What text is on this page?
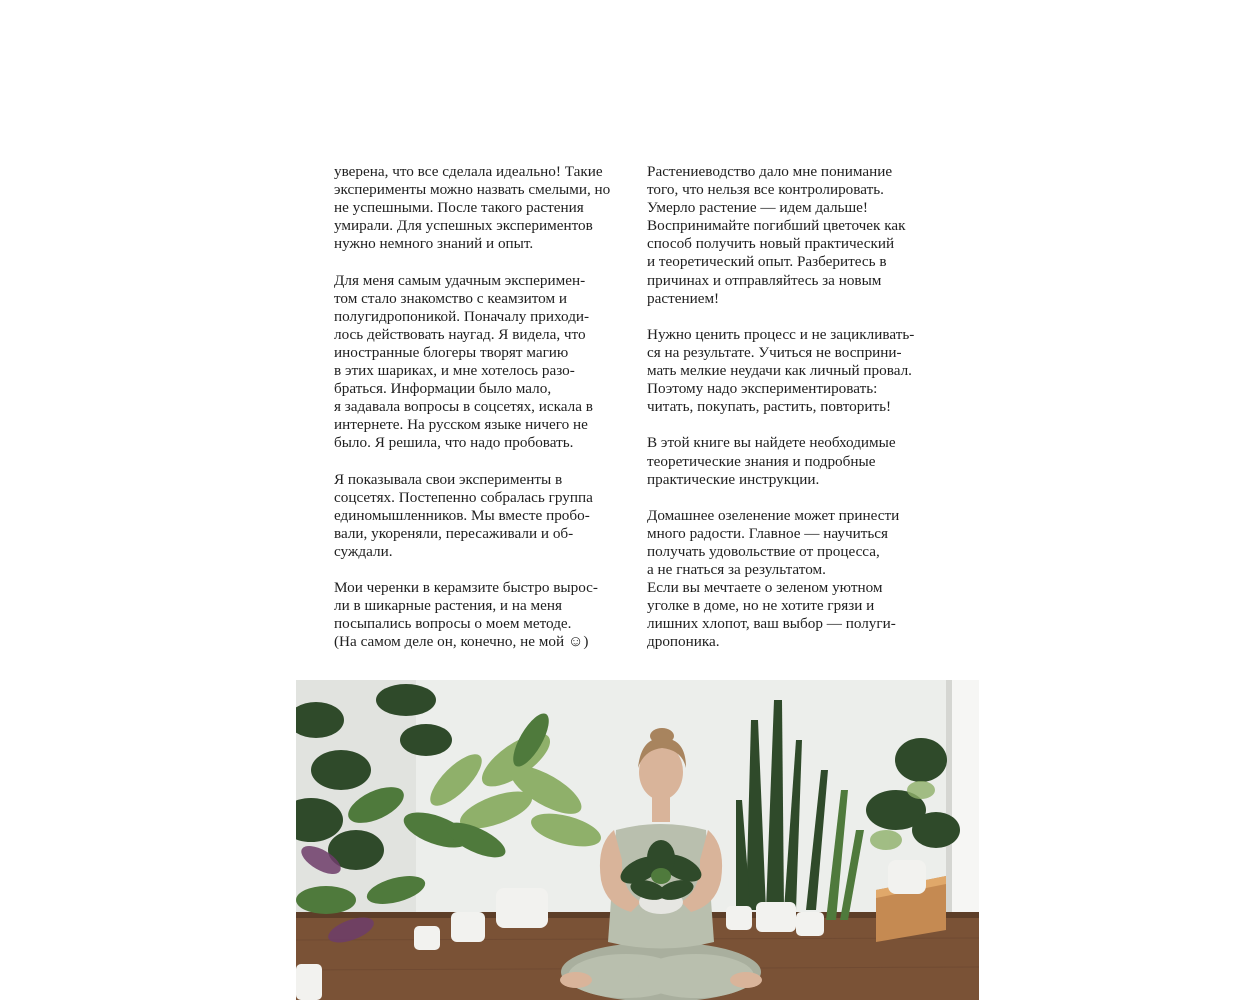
уверена, что все сделала идеально! Такие
эксперименты можно назвать смелыми, но
не успешными. После такого растения
умирали. Для успешных экспериментов
нужно немного знаний и опыт.

Для меня самым удачным эксперимен-
том стало знакомство с кеамзитом и
полугидропоникой. Поначалу приходи-
лось действовать наугад. Я видела, что
иностранные блогеры творят магию
в этих шариках, и мне хотелось разо-
браться. Информации было мало,
я задавала вопросы в соцсетях, искала в
интернете. На русском языке ничего не
было. Я решила, что надо пробовать.

Я показывала свои эксперименты в
соцсетях. Постепенно собралась группа
единомышленников. Мы вместе пробо-
вали, укореняли, пересаживали и об-
суждали.

Мои черенки в керамзите быстро вырос-
ли в шикарные растения, и на меня
посыпались вопросы о моем методе.
(На самом деле он, конечно, не мой ☺)

Растениеводство дало мне понимание
того, что нельзя все контролировать.
Умерло растение — идем дальше!
Воспринимайте погибший цветочек как
способ получить новый практический
и теоретический опыт. Разберитесь в
причинах и отправляйтесь за новым
растением!

Нужно ценить процесс и не зацикливать-
ся на результате. Учиться не восприни-
мать мелкие неудачи как личный провал.
Поэтому надо экспериментировать:
читать, покупать, растить, повторить!

В этой книге вы найдете необходимые
теоретические знания и подробные
практические инструкции.

Домашнее озеленение может принести
много радости. Главное — научиться
получать удовольствие от процесса,
а не гнаться за результатом.
Если вы мечтаете о зеленом уютном
уголке в доме, но не хотите грязи и
лишних хлопот, ваш выбор — полуги-
дропоника.
